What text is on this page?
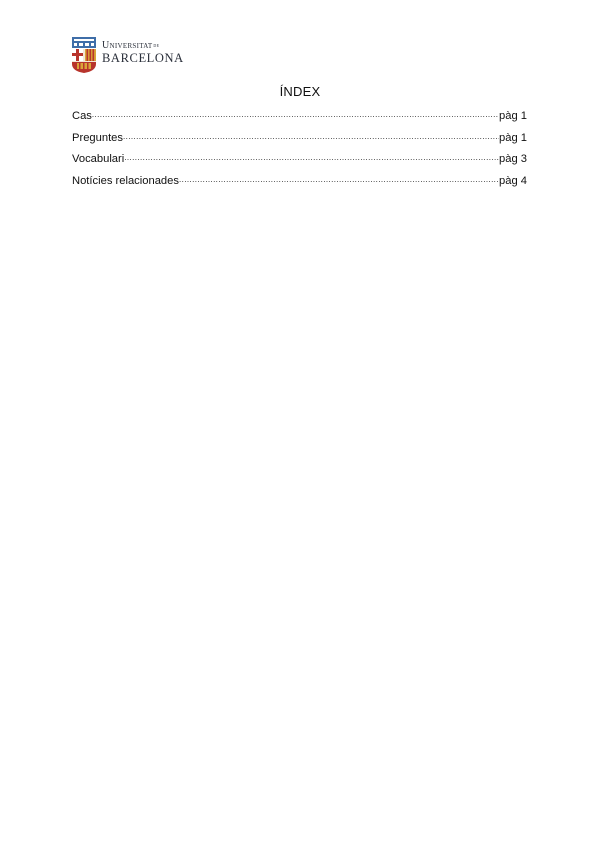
Universitat de
BARCELONA
ÍNDEX
Cas .....	pàg 1
Preguntes .....	pàg 1
Vocabulari .....	pàg 3
Notícies relacionades .....	pàg 4
